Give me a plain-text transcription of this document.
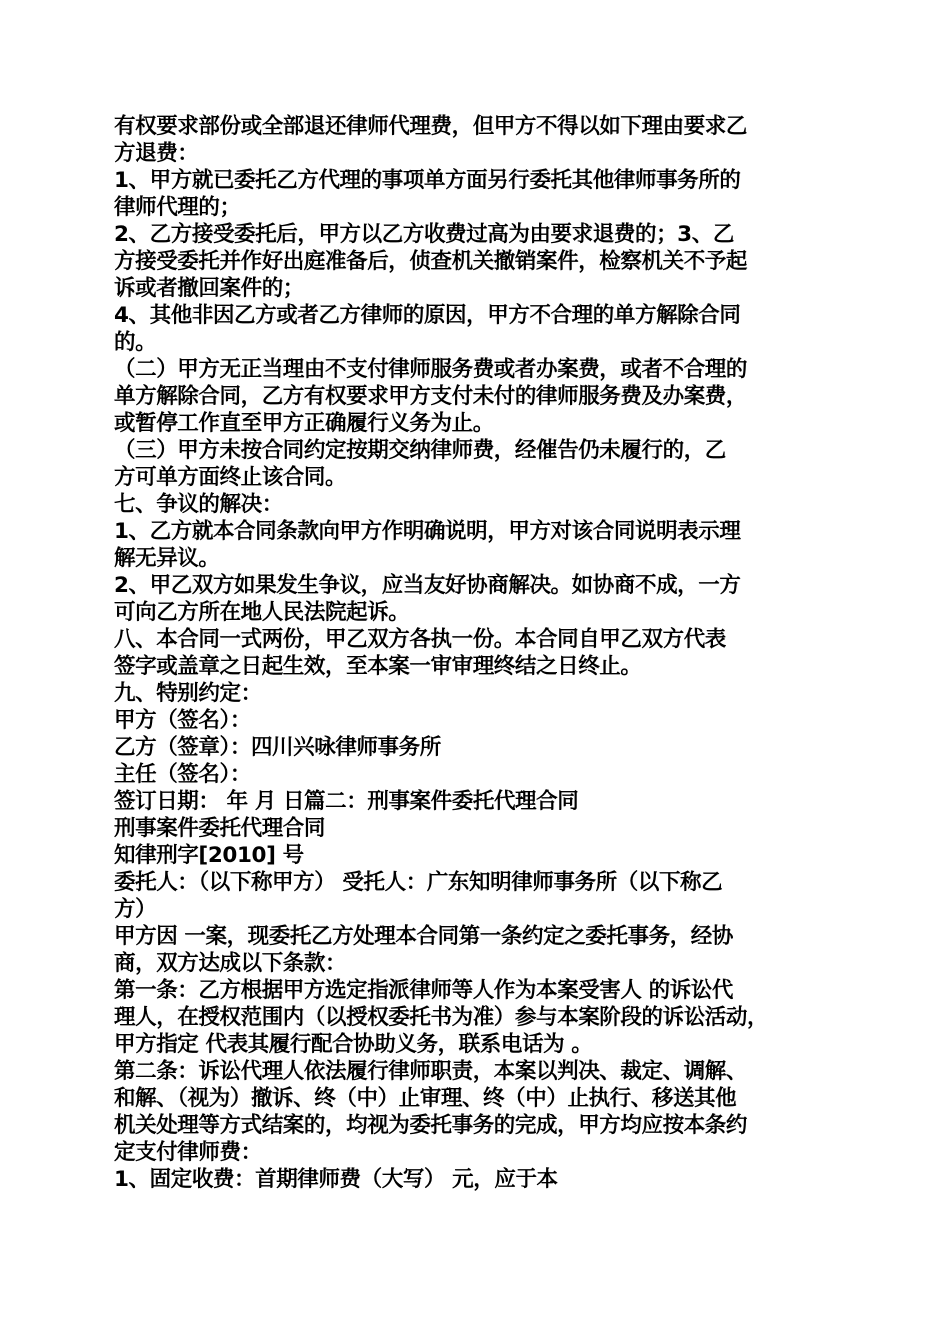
有权要求部份或全部退还律师代理费，但甲方不得以如下理由要求乙
方退费：
1、甲方就已委托乙方代理的事项单方面另行委托其他律师事务所的
律师代理的；
2、乙方接受委托后，甲方以乙方收费过高为由要求退费的；3、乙
方接受委托并作好出庭准备后，侦查机关撤销案件，检察机关不予起
诉或者撤回案件的；
4、其他非因乙方或者乙方律师的原因，甲方不合理的单方解除合同
的。
（二）甲方无正当理由不支付律师服务费或者办案费，或者不合理的
单方解除合同，乙方有权要求甲方支付未付的律师服务费及办案费，
或暂停工作直至甲方正确履行义务为止。
（三）甲方未按合同约定按期交纳律师费，经催告仍未履行的，乙
方可单方面终止该合同。
七、争议的解决：
1、乙方就本合同条款向甲方作明确说明，甲方对该合同说明表示理
解无异议。
2、甲乙双方如果发生争议，应当友好协商解决。如协商不成，一方
可向乙方所在地人民法院起诉。
八、本合同一式两份，甲乙双方各执一份。本合同自甲乙双方代表
签字或盖章之日起生效，至本案一审审理终结之日终止。
九、特别约定：
甲方（签名）：
乙方（签章）：四川兴咏律师事务所
主任（签名）：
签订日期： 年 月 日篇二：刑事案件委托代理合同
刑事案件委托代理合同
知律刑字[2010] 号
委托人：（以下称甲方） 受托人：广东知明律师事务所（以下称乙
方）
甲方因 一案，现委托乙方处理本合同第一条约定之委托事务，经协
商，双方达成以下条款：
第一条：乙方根据甲方选定指派律师等人作为本案受害人 的诉讼代
理人，在授权范围内（以授权委托书为准）参与本案阶段的诉讼活动，
甲方指定 代表其履行配合协助义务，联系电话为 。
第二条：诉讼代理人依法履行律师职责，本案以判决、裁定、调解、
和解、（视为）撤诉、终（中）止审理、终（中）止执行、移送其他
机关处理等方式结案的，均视为委托事务的完成，甲方均应按本条约
定支付律师费：
1、固定收费：首期律师费（大写） 元，应于本
